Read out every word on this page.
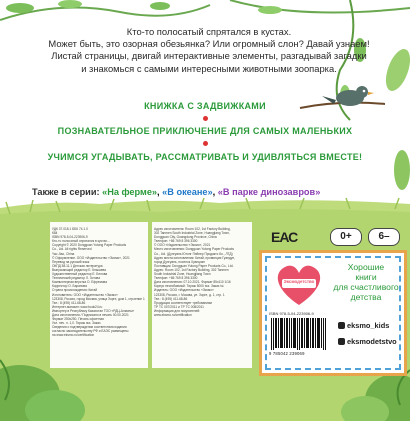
Кто-то полосатый спрятался в кустах.
Может быть, это озорная обезьянка? Или огромный слон? Давай узнаем!
Листай страницы, двигай интерактивные элементы, разгадывай загадки
и знакомься с самыми интересными животными зоопарка.
КНИЖКА С ЗАДВИЖКАМИ
ПОЗНАВАТЕЛЬНОЕ ПРИКЛЮЧЕНИЕ ДЛЯ САМЫХ МАЛЕНЬКИХ
УЧИМСЯ УГАДЫВАТЬ, РАССМАТРИВАТЬ И УДИВЛЯТЬСЯ ВМЕСТЕ!
Также в серии: «На ферме», «В океане», «В парке динозавров»
УДК 37.018.1 ББК 74.1.0
К84
ISBN 978-5-04-223906-9
Кто-то полосатый спрятался в кустах...
Copyright © 2020 Dongguan Yutong Paper Products
Co., Ltd. All rights Reserved
Yao Jiao, China
© Оформление. ООО «Издательство «Эксмо», 2021
Перевод на русский язык
ОКПД 58.11.1 Детская литература
Выпускающий редактор Е. Кнышева
Художественный редактор Е. Белова
Технический редактор Л. Зотова
Компьютерная верстка О. Ефремова
Корректор О. Баранова
Страна происхождения: Китай
Изготовитель: ООО «Издательство «Эксмо»
123308, Россия, город Москва, улица Зорге, дом 1, строение 1
Тел.: 8 (495) 411-68-86
Интернет-магазин: www.book24.ru
Импортер в Республику Казахстан ТОО «РДЦ-Алматы»
Дата изготовления / Подписано в печать 00.00.2021
Формат 250x250. Печать офсетная
Усл. печ. л. 1,0. Тираж экз. Заказ
Сведения о подтверждении соответствия издания
согласно законодательству РФ и ЕАЭС размещены
на www.eksmo.ru/certification
Адрес изготовителя: Room 102, 1st Factory Building,
302 Tanmen South Industrial Zone, Huangjiang Town,
Dongguan City, Guangdong Province, China
Телефон: +86 769 8 396 3300
© ООО «Издательство «Эксмо», 2021
Место изготовления: Dongguan Yutong Paper Products
Co., Ltd. (Дунгуань Ютонг Пэйпер Продактс Ко., ЛТД)
Адрес места изготовления: Китай, провинция Гуандун,
город Дунгуань, поселок Хуанцзян
Поставщик: Dongguan Yutong Paper Products Co., Ltd.
Адрес: Room 102, 1st Factory Building, 302 Tanmen
South Industrial Zone, Huangjiang Town
Телефон: +86 769 8 396 3300
Дата изготовления: 07.10.2021. Формат 85х110 1/16
Корпус несгибаемый. Тираж 5000 экз. Заказ №
Издатель: ООО «Издательство «Эксмо»
123308, Россия, г. Москва, ул. Зорге, д. 1, стр. 1
Тел.: 8 (495) 411-68-86
Продукция соответствует требованиям
ТР ТС 007/2011 и ТР ТС 008/2011
Информация для покупателей:
www.eksmo.ru/certification
ЕАС	0+	6–
Эксмодетство
Хорошие
книги
для счастливого
детства
ISBN 978-5-04-223906-9
9 785042 239069
eksmo_kids
eksmodetstvo
